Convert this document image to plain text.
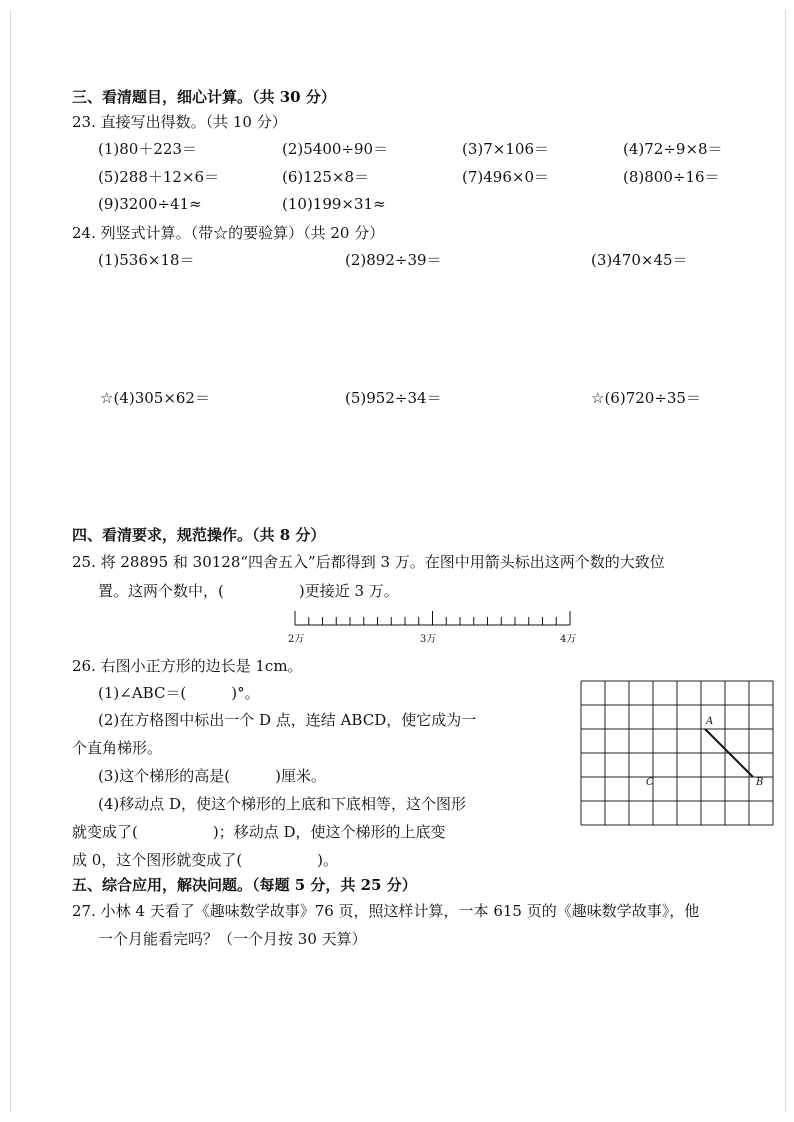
三、看清题目，细心计算。（共 30 分）
23. 直接写出得数。（共 10 分）
(1)80＋223＝	(2)5400÷90＝	(3)7×106＝	(4)72÷9×8＝
(5)288＋12×6＝	(6)125×8＝	(7)496×0＝	(8)800÷16＝
(9)3200÷41≈	(10)199×31≈
24. 列竖式计算。（带☆的要验算）（共 20 分）
(1)536×18＝	(2)892÷39＝	(3)470×45＝
☆(4)305×62＝	(5)952÷34＝	☆(6)720÷35＝
四、看清要求，规范操作。（共 8 分）
25. 将 28895 和 30128“四舍五入”后都得到 3 万。在图中用箭头标出这两个数的大致位
置。这两个数中，(　　　　　)更接近 3 万。
2万	3万	4万
26. 右图小正方形的边长是 1cm。
(1)∠ABC＝(　　　)°。
(2)在方格图中标出一个 D 点，连结 ABCD，使它成为一
个直角梯形。
(3)这个梯形的高是(　　　)厘米。
(4)移动点 D，使这个梯形的上底和下底相等，这个图形
就变成了(　　　　　)；移动点 D，使这个梯形的上底变
成 0，这个图形就变成了(　　　　　)。
A
B
C
五、综合应用，解决问题。（每题 5 分，共 25 分）
27. 小林 4 天看了《趣味数学故事》76 页，照这样计算，一本 615 页的《趣味数学故事》，他
一个月能看完吗？（一个月按 30 天算）
